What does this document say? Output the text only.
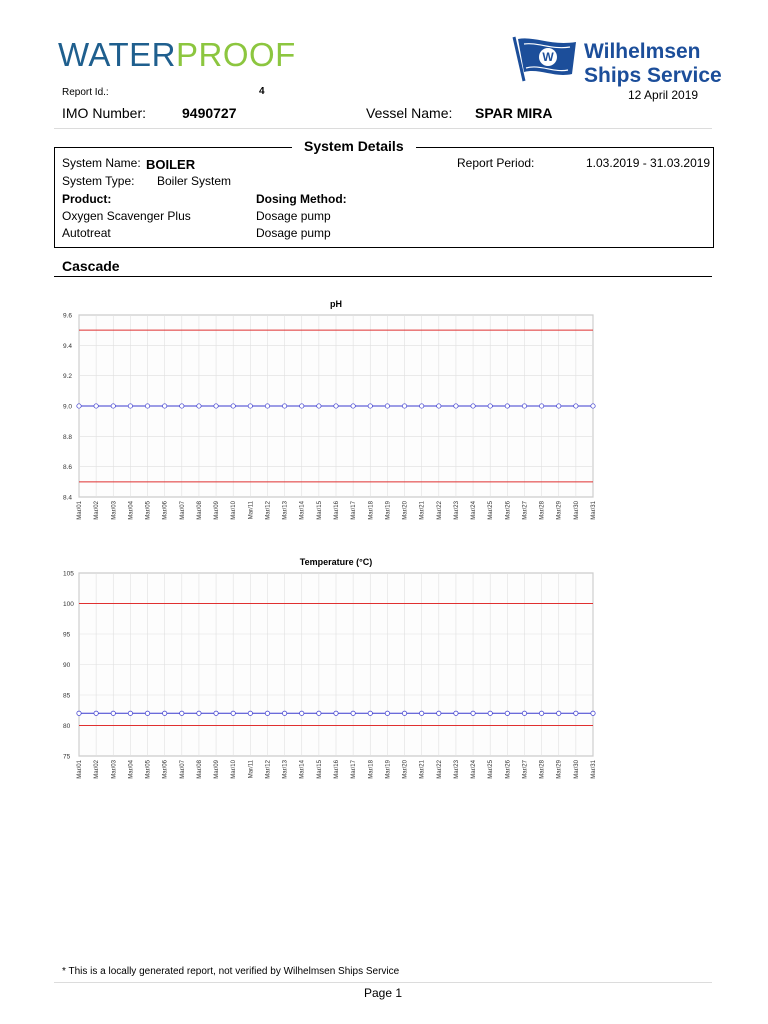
WATERPROOF	W Wilhelmsen
Ships Service
12 April 2019
Report Id.:	4
IMO Number:	9490727	Vessel Name: SPAR MIRA
System Details
System Name: BOILER	Report Period:	1.03.2019 - 31.03.2019
System Type: Boiler System
Product:	Dosing Method:
Oxygen Scavenger Plus	Dosage pump
Autotreat	Dosage pump
Cascade
8.4
8.6
8.8
9.0
9.2
9.4
9.6
pH
Mar/01 Mar/02 Mar/03 Mar/04 Mar/05 Mar/06 Mar/07 Mar/08 Mar/09 Mar/10 Mar/11 Mar/12 Mar/13 Mar/14 Mar/15 Mar/16 Mar/17 Mar/18 Mar/19 Mar/20 Mar/21 Mar/22 Mar/23 Mar/24 Mar/25 Mar/26 Mar/27 Mar/28 Mar/29 Mar/30 Mar/31
75
80
85
90
95
100
105
Temperature (°C)
Mar/01 Mar/02 Mar/03 Mar/04 Mar/05 Mar/06 Mar/07 Mar/08 Mar/09 Mar/10 Mar/11 Mar/12 Mar/13 Mar/14 Mar/15 Mar/16 Mar/17 Mar/18 Mar/19 Mar/20 Mar/21 Mar/22 Mar/23 Mar/24 Mar/25 Mar/26 Mar/27 Mar/28 Mar/29 Mar/30 Mar/31
* This is a locally generated report, not verified by Wilhelmsen Ships Service
Page 1
